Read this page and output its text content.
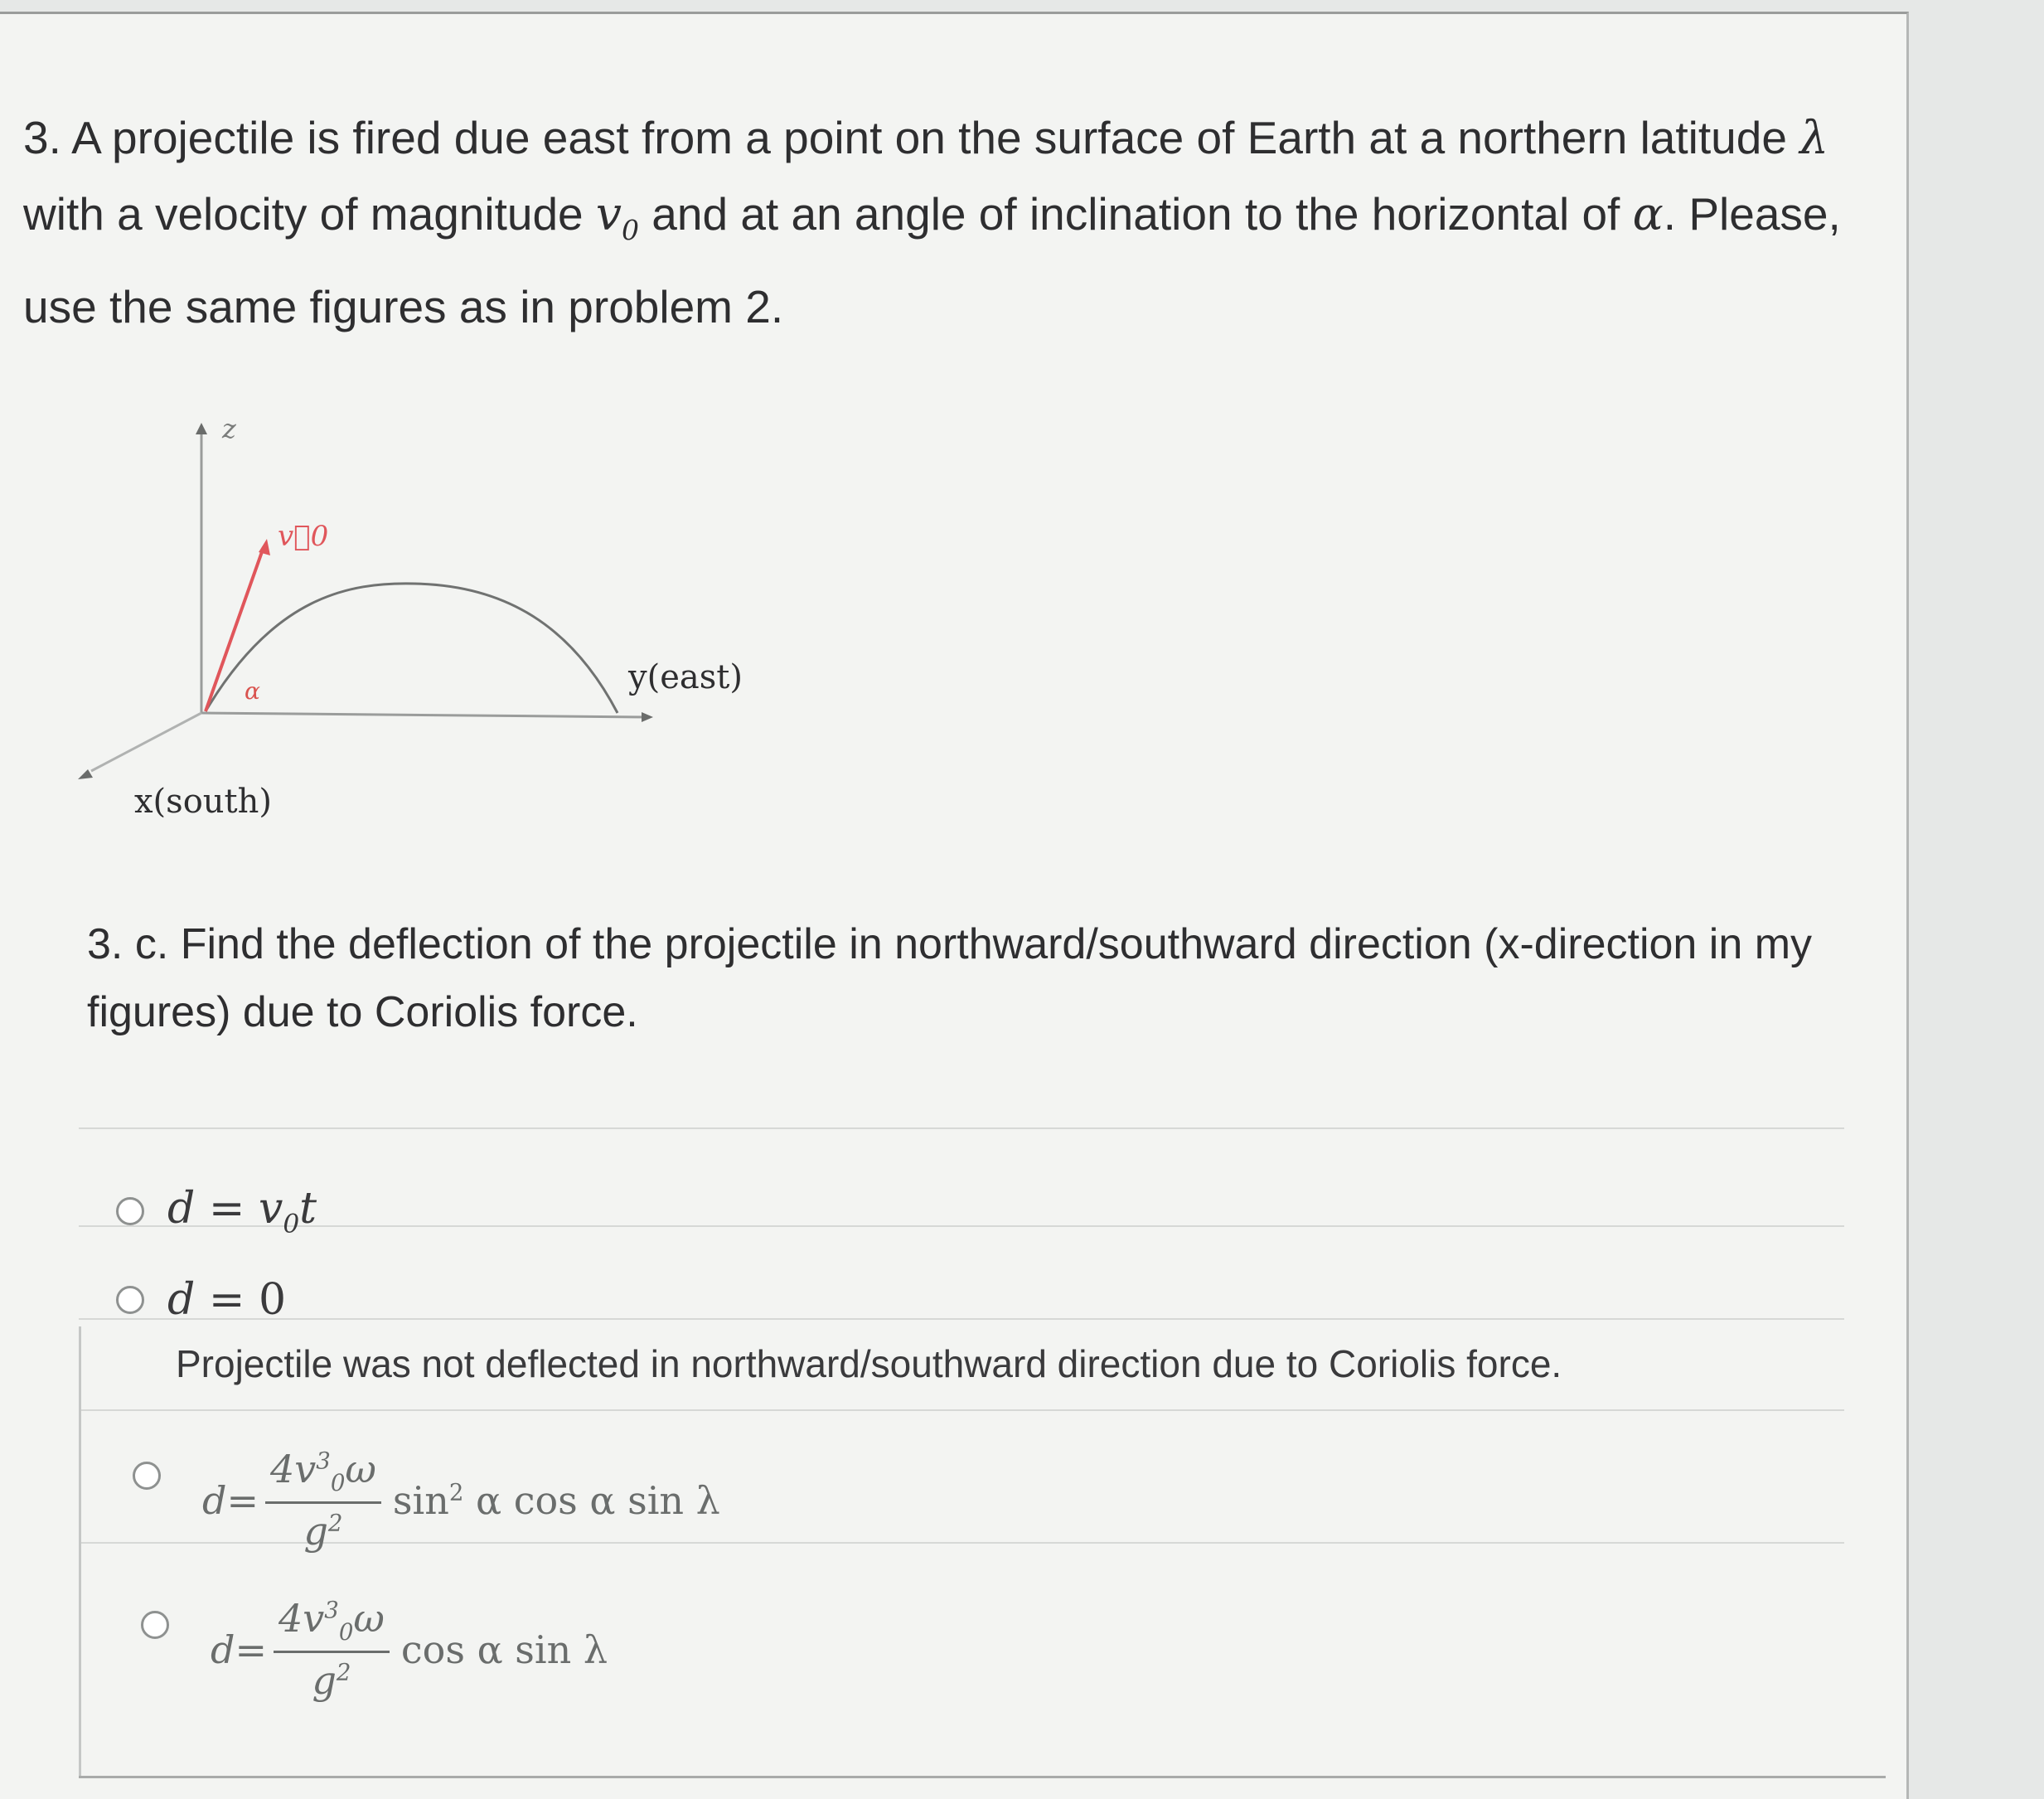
3. A projectile is fired due east from a point on the surface of Earth at a northern latitude λ

with a velocity of magnitude $v_0$ and at an angle of inclination to the horizontal of α. Please,

use the same figures as in problem 2.

z
y(east)
x(south)
v⃗0
α
3. c. Find the deflection of the projectile in northward/southward direction (x-direction in my
figures) due to Coriolis force.
$d = v_0t$
d = 0

Projectile was not deflected in northward/southward direction due to Coriolis force.

$d = \frac{4v^3_0\omega}{g^2} \sin^2 \alpha$ cos α sin λ
$d = \frac{4v^3_0\omega}{g^2}$ cos α sin λ
